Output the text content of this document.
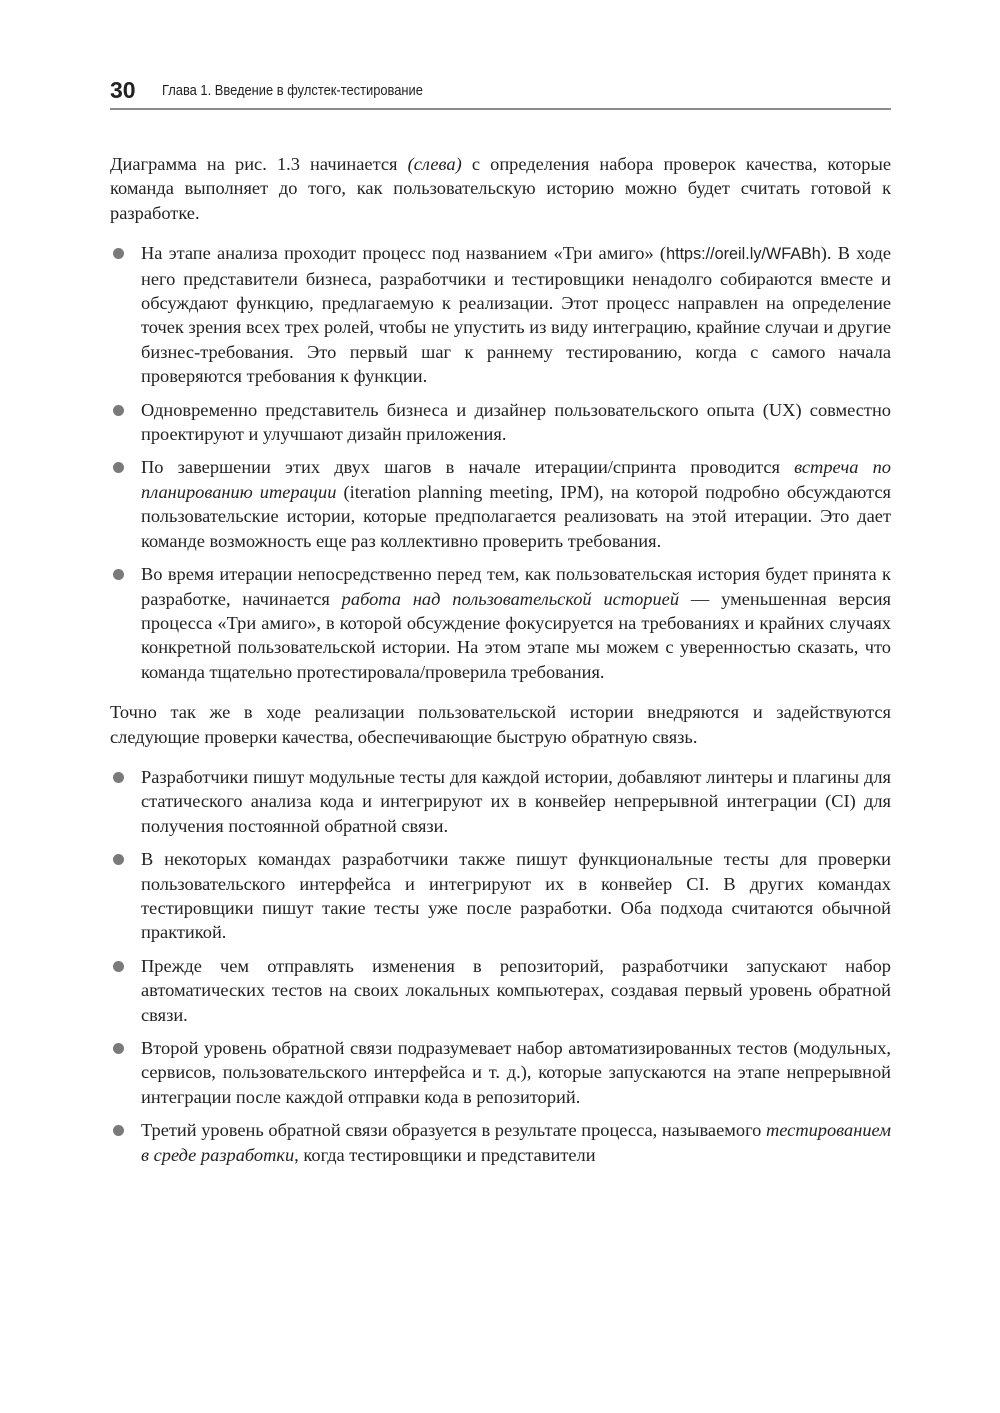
30 Глава 1. Введение в фулстек-тестирование

Диаграмма на рис. 1.3 начинается (слева) с определения набора проверок качества, которые команда выполняет до того, как пользовательскую историю можно будет считать готовой к разработке.

На этапе анализа проходит процесс под названием «Три амиго» (https://oreil.ly/WFABh). В ходе него представители бизнеса, разработчики и тестировщики ненадолго собираются вместе и обсуждают функцию, предлагаемую к реализации. Этот процесс направлен на определение точек зрения всех трех ролей, чтобы не упустить из виду интеграцию, крайние случаи и другие бизнес-требования. Это первый шаг к раннему тестированию, когда с самого начала проверяются требования к функции.
Одновременно представитель бизнеса и дизайнер пользовательского опыта (UX) совместно проектируют и улучшают дизайн приложения.
По завершении этих двух шагов в начале итерации/спринта проводится встреча по планированию итерации (iteration planning meeting, IPM), на которой подробно обсуждаются пользовательские истории, которые предполагается реализовать на этой итерации. Это дает команде возможность еще раз коллективно проверить требования.
Во время итерации непосредственно перед тем, как пользовательская история будет принята к разработке, начинается работа над пользовательской историей — уменьшенная версия процесса «Три амиго», в которой обсуждение фокусируется на требованиях и крайних случаях конкретной пользовательской истории. На этом этапе мы можем с уверенностью сказать, что команда тщательно протестировала/проверила требования.

Точно так же в ходе реализации пользовательской истории внедряются и задействуются следующие проверки качества, обеспечивающие быструю обратную связь.

Разработчики пишут модульные тесты для каждой истории, добавляют линтеры и плагины для статического анализа кода и интегрируют их в конвейер непрерывной интеграции (CI) для получения постоянной обратной связи.
В некоторых командах разработчики также пишут функциональные тесты для проверки пользовательского интерфейса и интегрируют их в конвейер CI. В других командах тестировщики пишут такие тесты уже после разработки. Оба подхода считаются обычной практикой.
Прежде чем отправлять изменения в репозиторий, разработчики запускают набор автоматических тестов на своих локальных компьютерах, создавая первый уровень обратной связи.
Второй уровень обратной связи подразумевает набор автоматизированных тестов (модульных, сервисов, пользовательского интерфейса и т. д.), которые запускаются на этапе непрерывной интеграции после каждой отправки кода в репозиторий.
Третий уровень обратной связи образуется в результате процесса, называемого тестированием в среде разработки, когда тестировщики и представители
